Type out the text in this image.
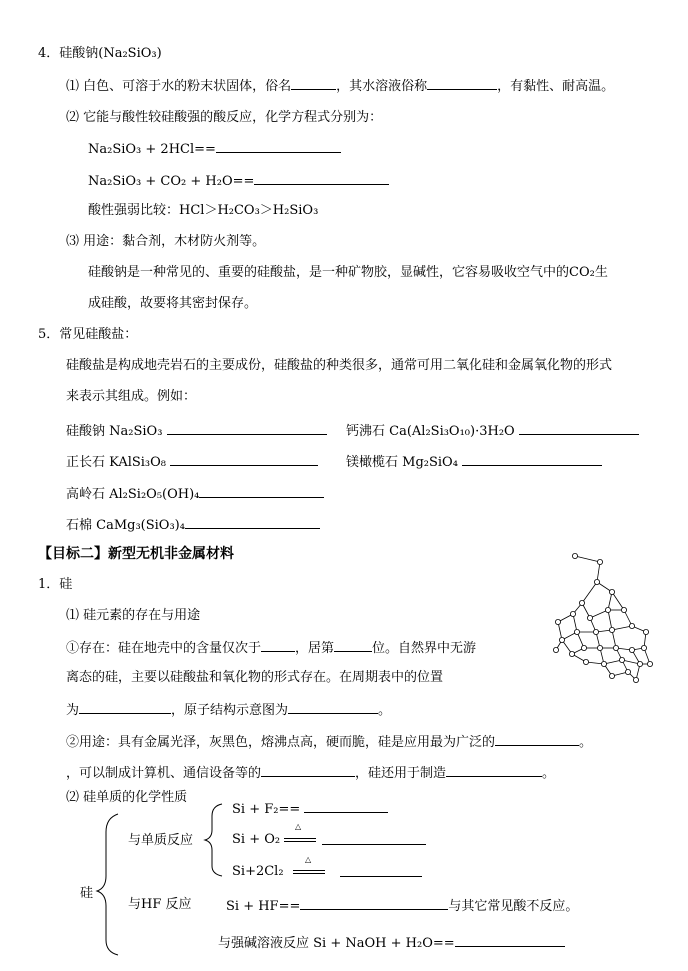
4．硅酸钠(Na₂SiO₃)
⑴ 白色、可溶于水的粉末状固体，俗名	，其水溶液俗称	，有黏性、耐高温。
⑵ 它能与酸性较硅酸强的酸反应，化学方程式分别为：
Na₂SiO₃ + 2HCl==
Na₂SiO₃ + CO₂ + H₂O==
酸性强弱比较：HCl＞H₂CO₃＞H₂SiO₃
⑶ 用途：黏合剂，木材防火剂等。
硅酸钠是一种常见的、重要的硅酸盐，是一种矿物胶，显碱性，它容易吸收空气中的CO₂生
成硅酸，故要将其密封保存。
5．常见硅酸盐：
硅酸盐是构成地壳岩石的主要成份，硅酸盐的种类很多，通常可用二氧化硅和金属氧化物的形式
来表示其组成。例如：
硅酸钠 Na₂SiO₃	钙沸石 Ca(Al₂Si₃O₁₀)·3H₂O
正长石 KAlSi₃O₈	镁橄榄石 Mg₂SiO₄
高岭石 Al₂Si₂O₅(OH)₄
石棉 CaMg₃(SiO₃)₄
【目标二】新型无机非金属材料
1．硅
⑴ 硅元素的存在与用途
①存在：硅在地壳中的含量仅次于	，居第	位。自然界中无游
离态的硅，主要以硅酸盐和氧化物的形式存在。在周期表中的位置
为	，原子结构示意图为	。
②用途：具有金属光泽，灰黑色，熔沸点高，硬而脆，硅是应用最为广泛的	。
，可以制成计算机、通信设备等的	，硅还用于制造	。
⑵ 硅单质的化学性质
与单质反应
Si + F₂==
Si + O₂
△
Si+2Cl₂
△
硅
与HF 反应	Si + HF==	与其它常见酸不反应。
与强碱溶液反应 Si + NaOH + H₂O==
